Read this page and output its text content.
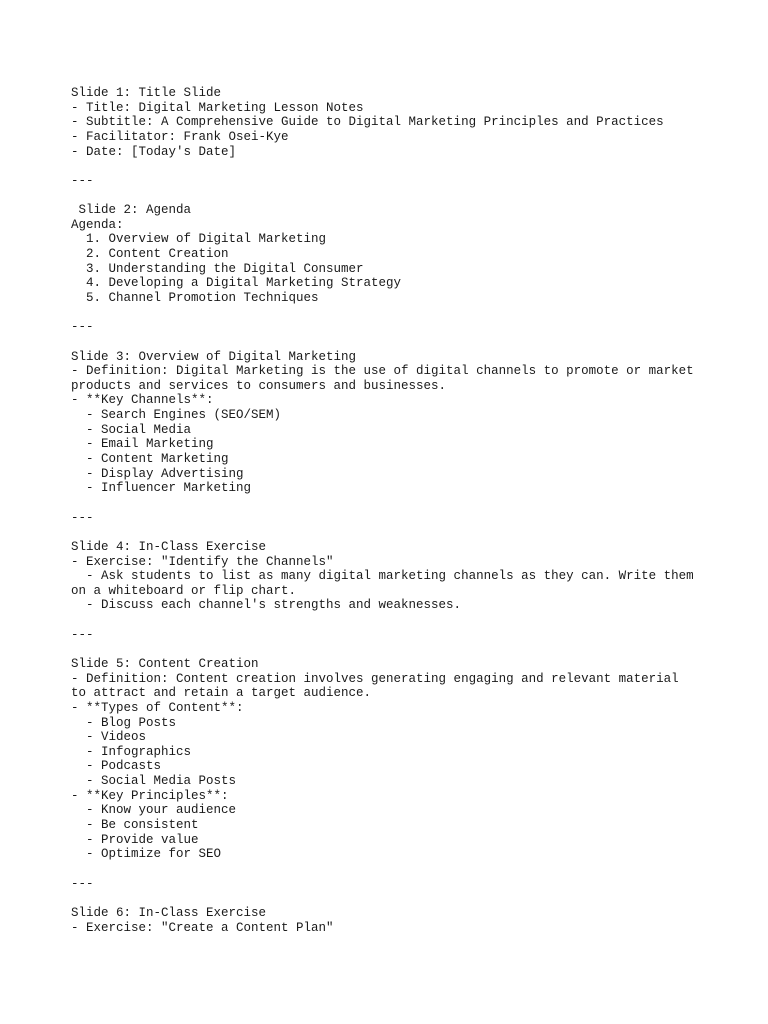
Slide 1: Title Slide
- Title: Digital Marketing Lesson Notes
- Subtitle: A Comprehensive Guide to Digital Marketing Principles and Practices
- Facilitator: Frank Osei-Kye
- Date: [Today's Date]

---

Slide 2: Agenda
Agenda:
1. Overview of Digital Marketing
2. Content Creation
3. Understanding the Digital Consumer
4. Developing a Digital Marketing Strategy
5. Channel Promotion Techniques

---

Slide 3: Overview of Digital Marketing
- Definition: Digital Marketing is the use of digital channels to promote or market
products and services to consumers and businesses.
- **Key Channels**:
- Search Engines (SEO/SEM)
- Social Media
- Email Marketing
- Content Marketing
- Display Advertising
- Influencer Marketing

---

Slide 4: In-Class Exercise
- Exercise: "Identify the Channels"
- Ask students to list as many digital marketing channels as they can. Write them
on a whiteboard or flip chart.
- Discuss each channel's strengths and weaknesses.

---

Slide 5: Content Creation
- Definition: Content creation involves generating engaging and relevant material
to attract and retain a target audience.
- **Types of Content**:
- Blog Posts
- Videos
- Infographics
- Podcasts
- Social Media Posts
- **Key Principles**:
- Know your audience
- Be consistent
- Provide value
- Optimize for SEO

---

Slide 6: In-Class Exercise
- Exercise: "Create a Content Plan"
